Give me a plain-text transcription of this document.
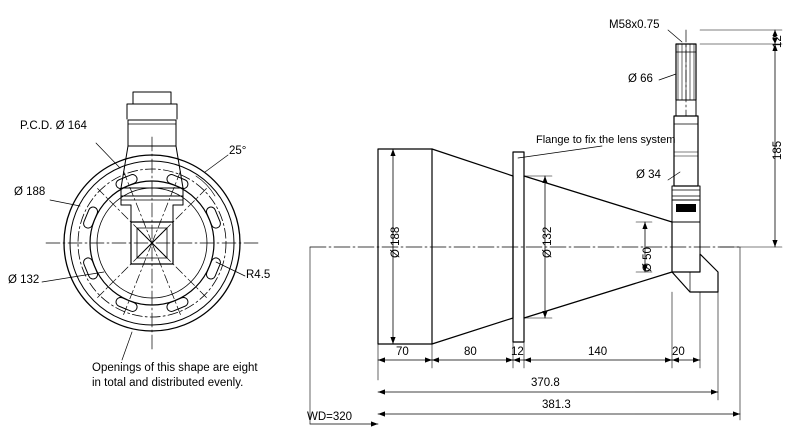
P.C.D. Ø 164
Ø 188
Ø 132
25°
R4.5
Openings of this shape are eight
in total and distributed evenly.
M58x0.75
Ø 66
12
185
Flange to fix the lens system
Ø 34
Ø 188	Ø 132
Ø 50
70	80	12	140	20
370.8
381.3
WD=320
